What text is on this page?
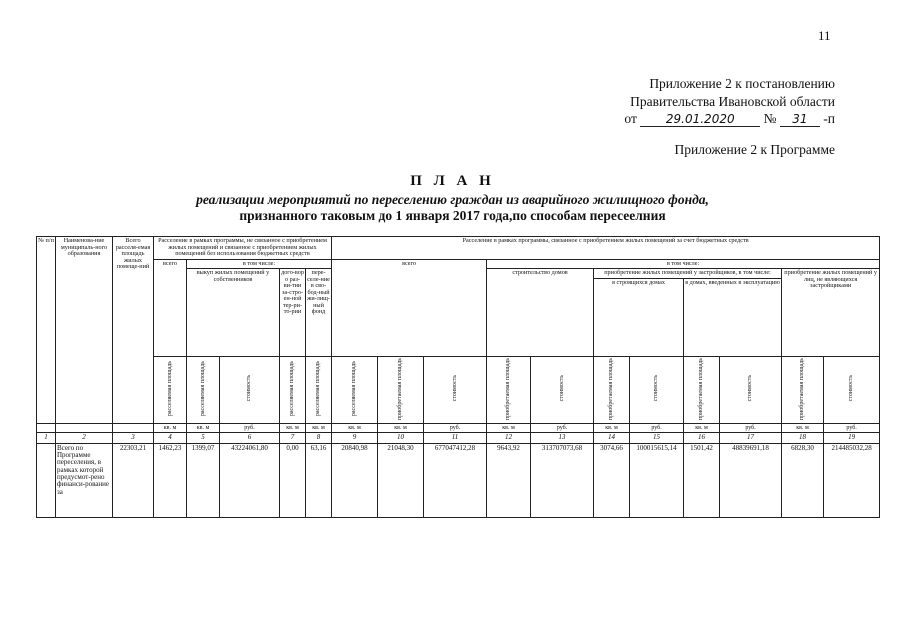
11
Приложение 2 к постановлению
Правительства Ивановской области
от 29.01.2020 № 31 -п
Приложение 2 к Программе
П Л А Н
реализации мероприятий по переселению граждан из аварийного жилищного фонда,
признанного таковым до 1 января 2017 года,по способам пересеелния
№ п/п	Наименова-ние муниципаль-ного образования	Всего расселя-емая площадь жилых помеще-ний	Расселение в рамках программы, не связанное с приобретением жилых помещений и связанное с приобретением жилых помещений без использования бюджетных средств					Расселение в рамках программы, связанное с приобретением жилых помещений за счет бюджетных средств										
			всего	в том числе:				всего			в том числе:							
				выкуп жилых помещений у собственников		дого-вор о раз-ви-тии за-стро-ен-ной тер-ри-то-рии	пере-селе-ние в сво-бод-ный жи-лищ-ный фонд				строительство домов		приобретение жилых помещений у застройщиков, в том числе:				приобретение жилых помещений у лиц, не являющихся застройщиками	
													в строящихся домах		в домах, введенных в эксплуатацию			
			расселяемая площадь	расселяемая площадь	стоимость	расселяемая площадь	расселяемая площадь	расселяемая площадь	приобретаемая площадь	стоимость	приобретаемая площадь	стоимость	приобретаемая площадь	стоимость	приобретаемая площадь	стоимость	приобретаемая площадь	стоимость
			кв. м	кв. м	руб.	кв. м	кв. м	кв. м	кв. м	руб.	кв. м	руб.	кв. м	руб.	кв. м	руб.	кв. м	руб.
1	2	3	4	5	6	7	8	9	10	11	12	13	14	15	16	17	18	19
	Всего по Программе переселения, в рамках которой предусмот-рено финанси-рование за	22303,21	1462,23	1399,07	43224061,80	0,00	63,16	20840,98	21048,30	677047412,28	9643,92	313707073,68	3074,66	100015615,14	1501,42	48839691,18	6828,30	214485032,28
